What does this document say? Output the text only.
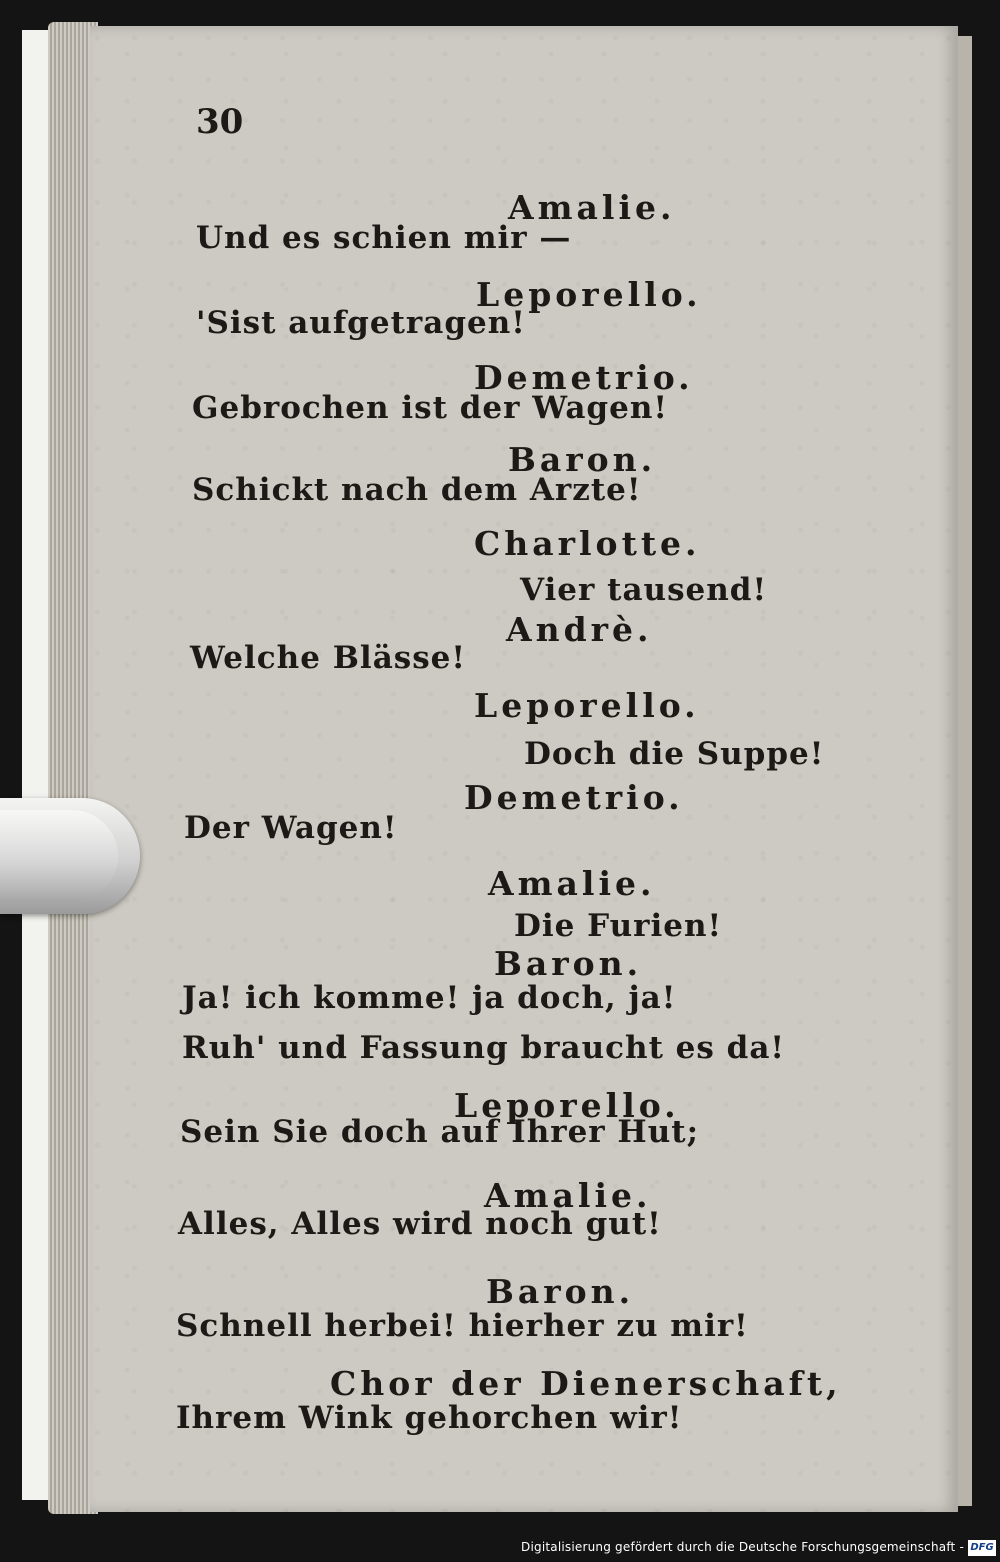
30
Amalie.
Und es schien mir —
Leporello.
'Sist aufgetragen!
Demetrio.
Gebrochen ist der Wagen!
Baron.
Schickt nach dem Arzte!
Charlotte.
Vier tausend!
Andrè.
Welche Blässe!
Leporello.
Doch die Suppe!
Demetrio.
Der Wagen!
Amalie.
Die Furien!
Baron.
Ja! ich komme! ja doch, ja!
Ruh' und Fassung braucht es da!
Leporello.
Sein Sie doch auf Ihrer Hut;
Amalie.
Alles, Alles wird noch gut!
Baron.
Schnell herbei! hierher zu mir!
Chor der Dienerschaft,
Ihrem Wink gehorchen wir!
Digitalisierung gefördert durch die Deutsche Forschungsgemeinschaft - DFG
